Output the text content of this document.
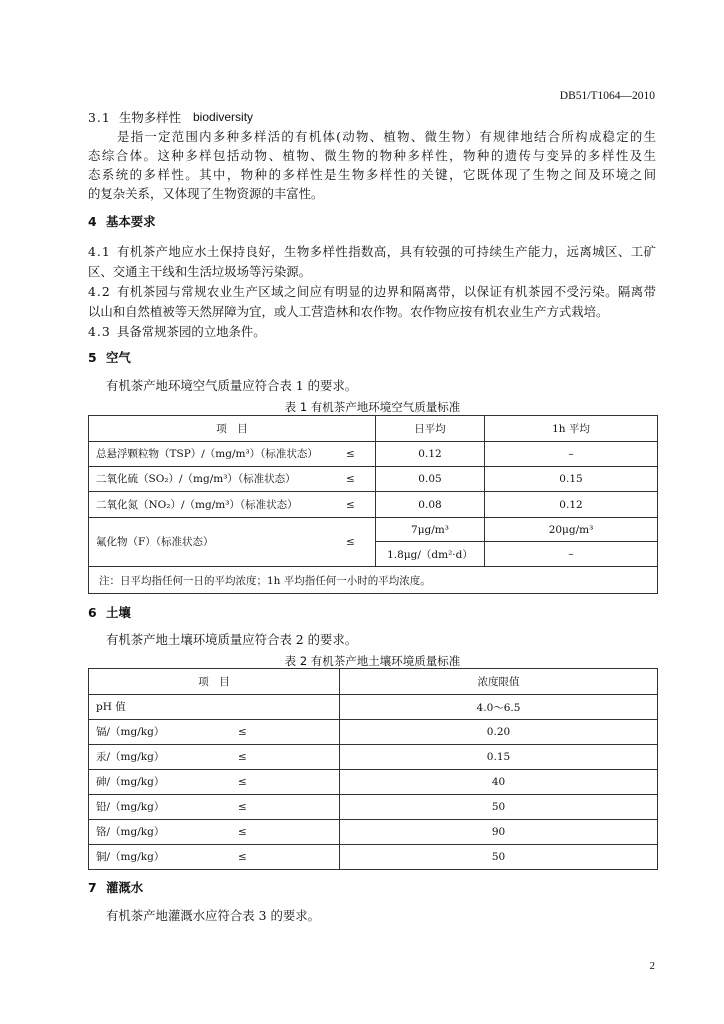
DB51/T1064—2010
3.1 生物多样性 biodiversity
是指一定范围内多种多样活的有机体(动物、植物、微生物）有规律地结合所构成稳定的生
态综合体。这种多样包括动物、植物、微生物的物种多样性，物种的遗传与变异的多样性及生
态系统的多样性。其中，物种的多样性是生物多样性的关键，它既体现了生物之间及环境之间
的复杂关系，又体现了生物资源的丰富性。
4 基本要求
4.1 有机茶产地应水土保持良好，生物多样性指数高，具有较强的可持续生产能力，远离城区、工矿
区、交通主干线和生活垃圾场等污染源。
4.2 有机茶园与常规农业生产区域之间应有明显的边界和隔离带，以保证有机茶园不受污染。隔离带
以山和自然植被等天然屏障为宜，或人工营造林和农作物。农作物应按有机农业生产方式栽培。
4.3 具备常规茶园的立地条件。
5 空气
有机茶产地环境空气质量应符合表 1 的要求。
表 1 有机茶产地环境空气质量标准
项　目	日平均	1h 平均

总悬浮颗粒物（TSP）/（mg/m³）（标准状态） ≤	0.12	–

二氧化硫（SO₂）/（mg/m³）（标准状态） ≤	0.05	0.15

二氧化氮（NO₂）/（mg/m³）（标准状态） ≤	0.08	0.12

氟化物（F）（标准状态） ≤	7μg/m³	20μg/m³
	1.8μg/（dm²·d）	–
注：日平均指任何一日的平均浓度；1h 平均指任何一小时的平均浓度。		
6 土壤
有机茶产地土壤环境质量应符合表 2 的要求。
表 2 有机茶产地土壤环境质量标准
项　目	浓度限值

pH 值	4.0～6.5

镉/（mg/kg） ≤	0.20

汞/（mg/kg） ≤	0.15

砷/（mg/kg） ≤	40

铅/（mg/kg） ≤	50

铬/（mg/kg） ≤	90

铜/（mg/kg） ≤	50
7 灌溉水
有机茶产地灌溉水应符合表 3 的要求。
2
